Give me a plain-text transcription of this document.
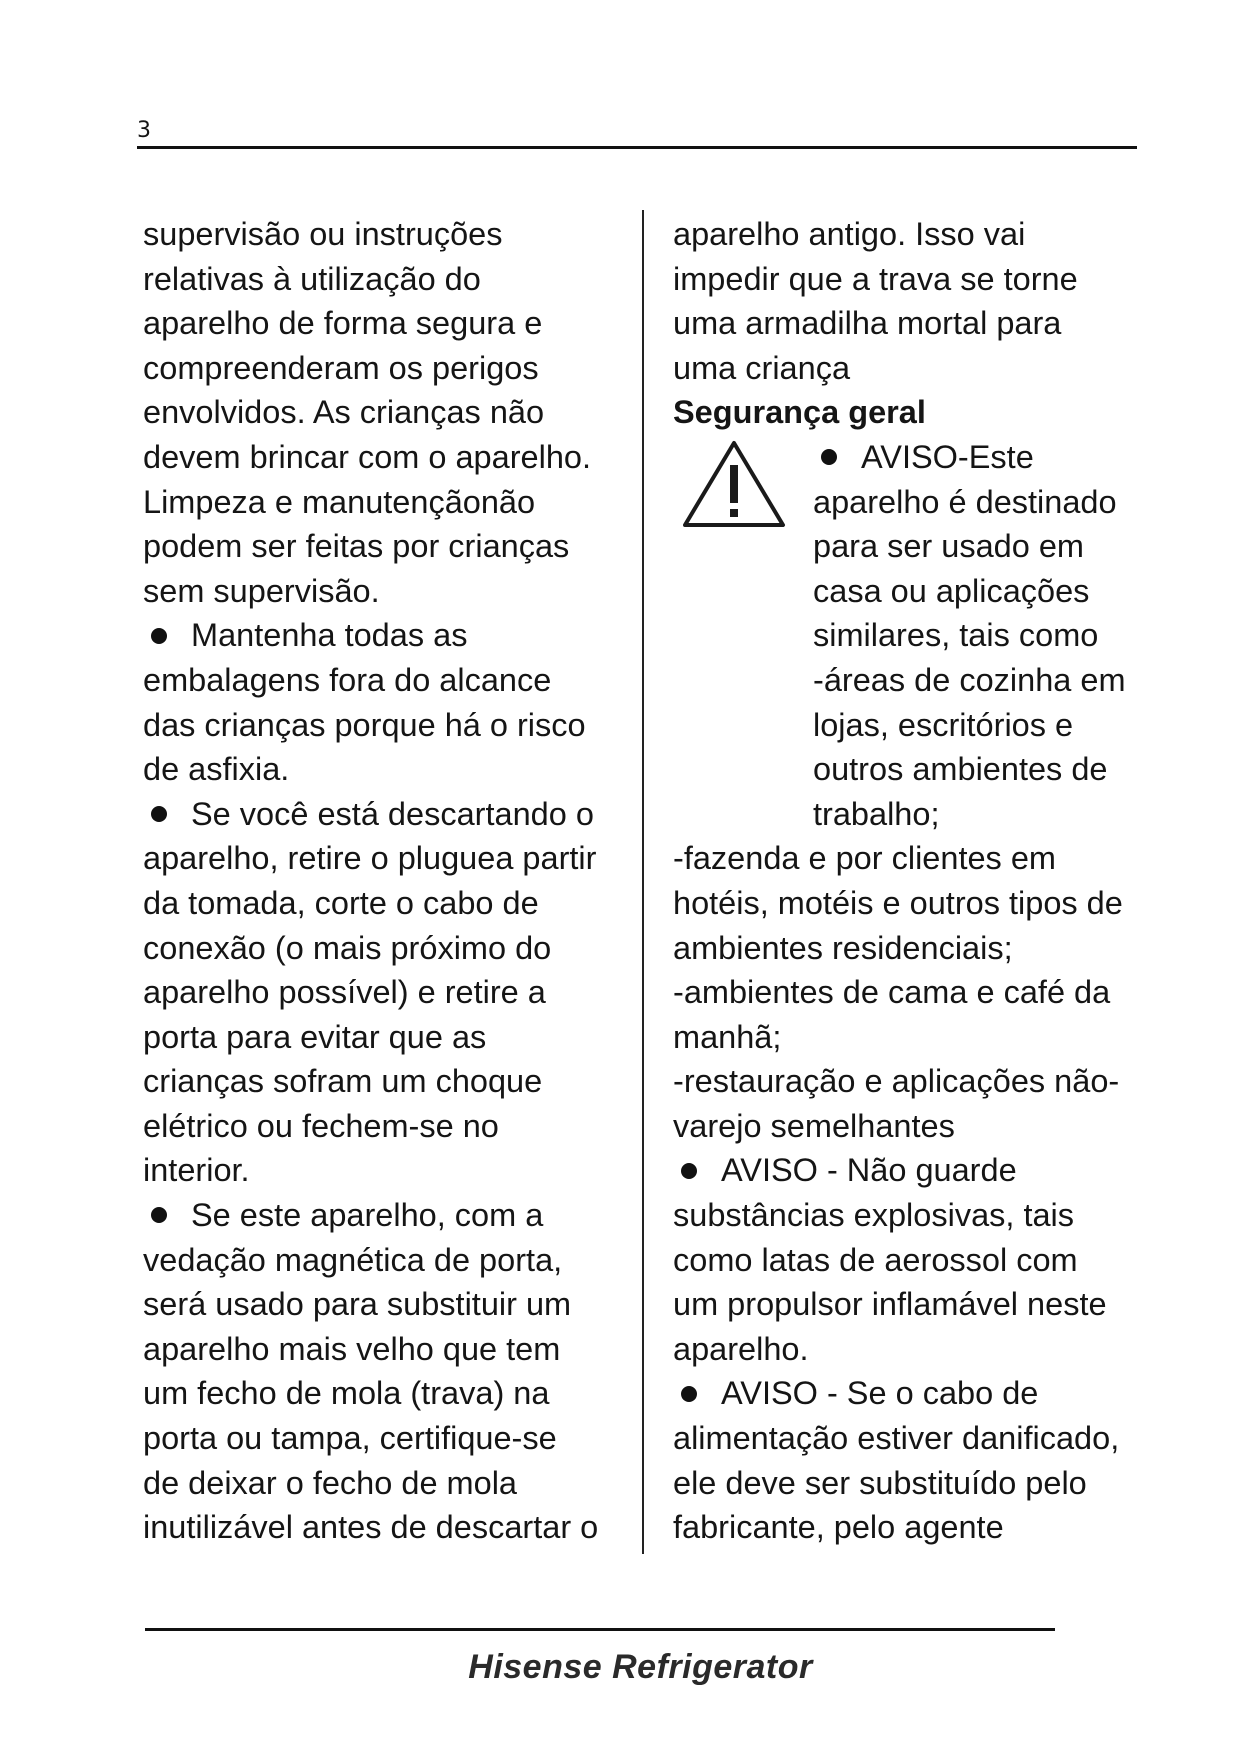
3
supervisão ou instruções
relativas à utilização do
aparelho de forma segura e
compreenderam os perigos
envolvidos. As crianças não
devem brincar com o aparelho.
Limpeza e manutençãonão
podem ser feitas por crianças
sem supervisão.
Mantenha todas as
embalagens fora do alcance
das crianças porque há o risco
de asfixia.
Se você está descartando o
aparelho, retire o pluguea partir
da tomada, corte o cabo de
conexão (o mais próximo do
aparelho possível) e retire a
porta para evitar que as
crianças sofram um choque
elétrico ou fechem-se no
interior.
Se este aparelho, com a
vedação magnética de porta,
será usado para substituir um
aparelho mais velho que tem
um fecho de mola (trava) na
porta ou tampa, certifique-se
de deixar o fecho de mola
inutilizável antes de descartar o
aparelho antigo. Isso vai
impedir que a trava se torne
uma armadilha mortal para
uma criança
Segurança geral
AVISO-Este
aparelho é destinado
para ser usado em
casa ou aplicações
similares, tais como
-áreas de cozinha em
lojas, escritórios e
outros ambientes de
trabalho;
-fazenda e por clientes em
hotéis, motéis e outros tipos de
ambientes residenciais;
-ambientes de cama e café da
manhã;
-restauração e aplicações não-
varejo semelhantes
AVISO - Não guarde
substâncias explosivas, tais
como latas de aerossol com
um propulsor inflamável neste
aparelho.
AVISO - Se o cabo de
alimentação estiver danificado,
ele deve ser substituído pelo
fabricante, pelo agente
Hisense Refrigerator
